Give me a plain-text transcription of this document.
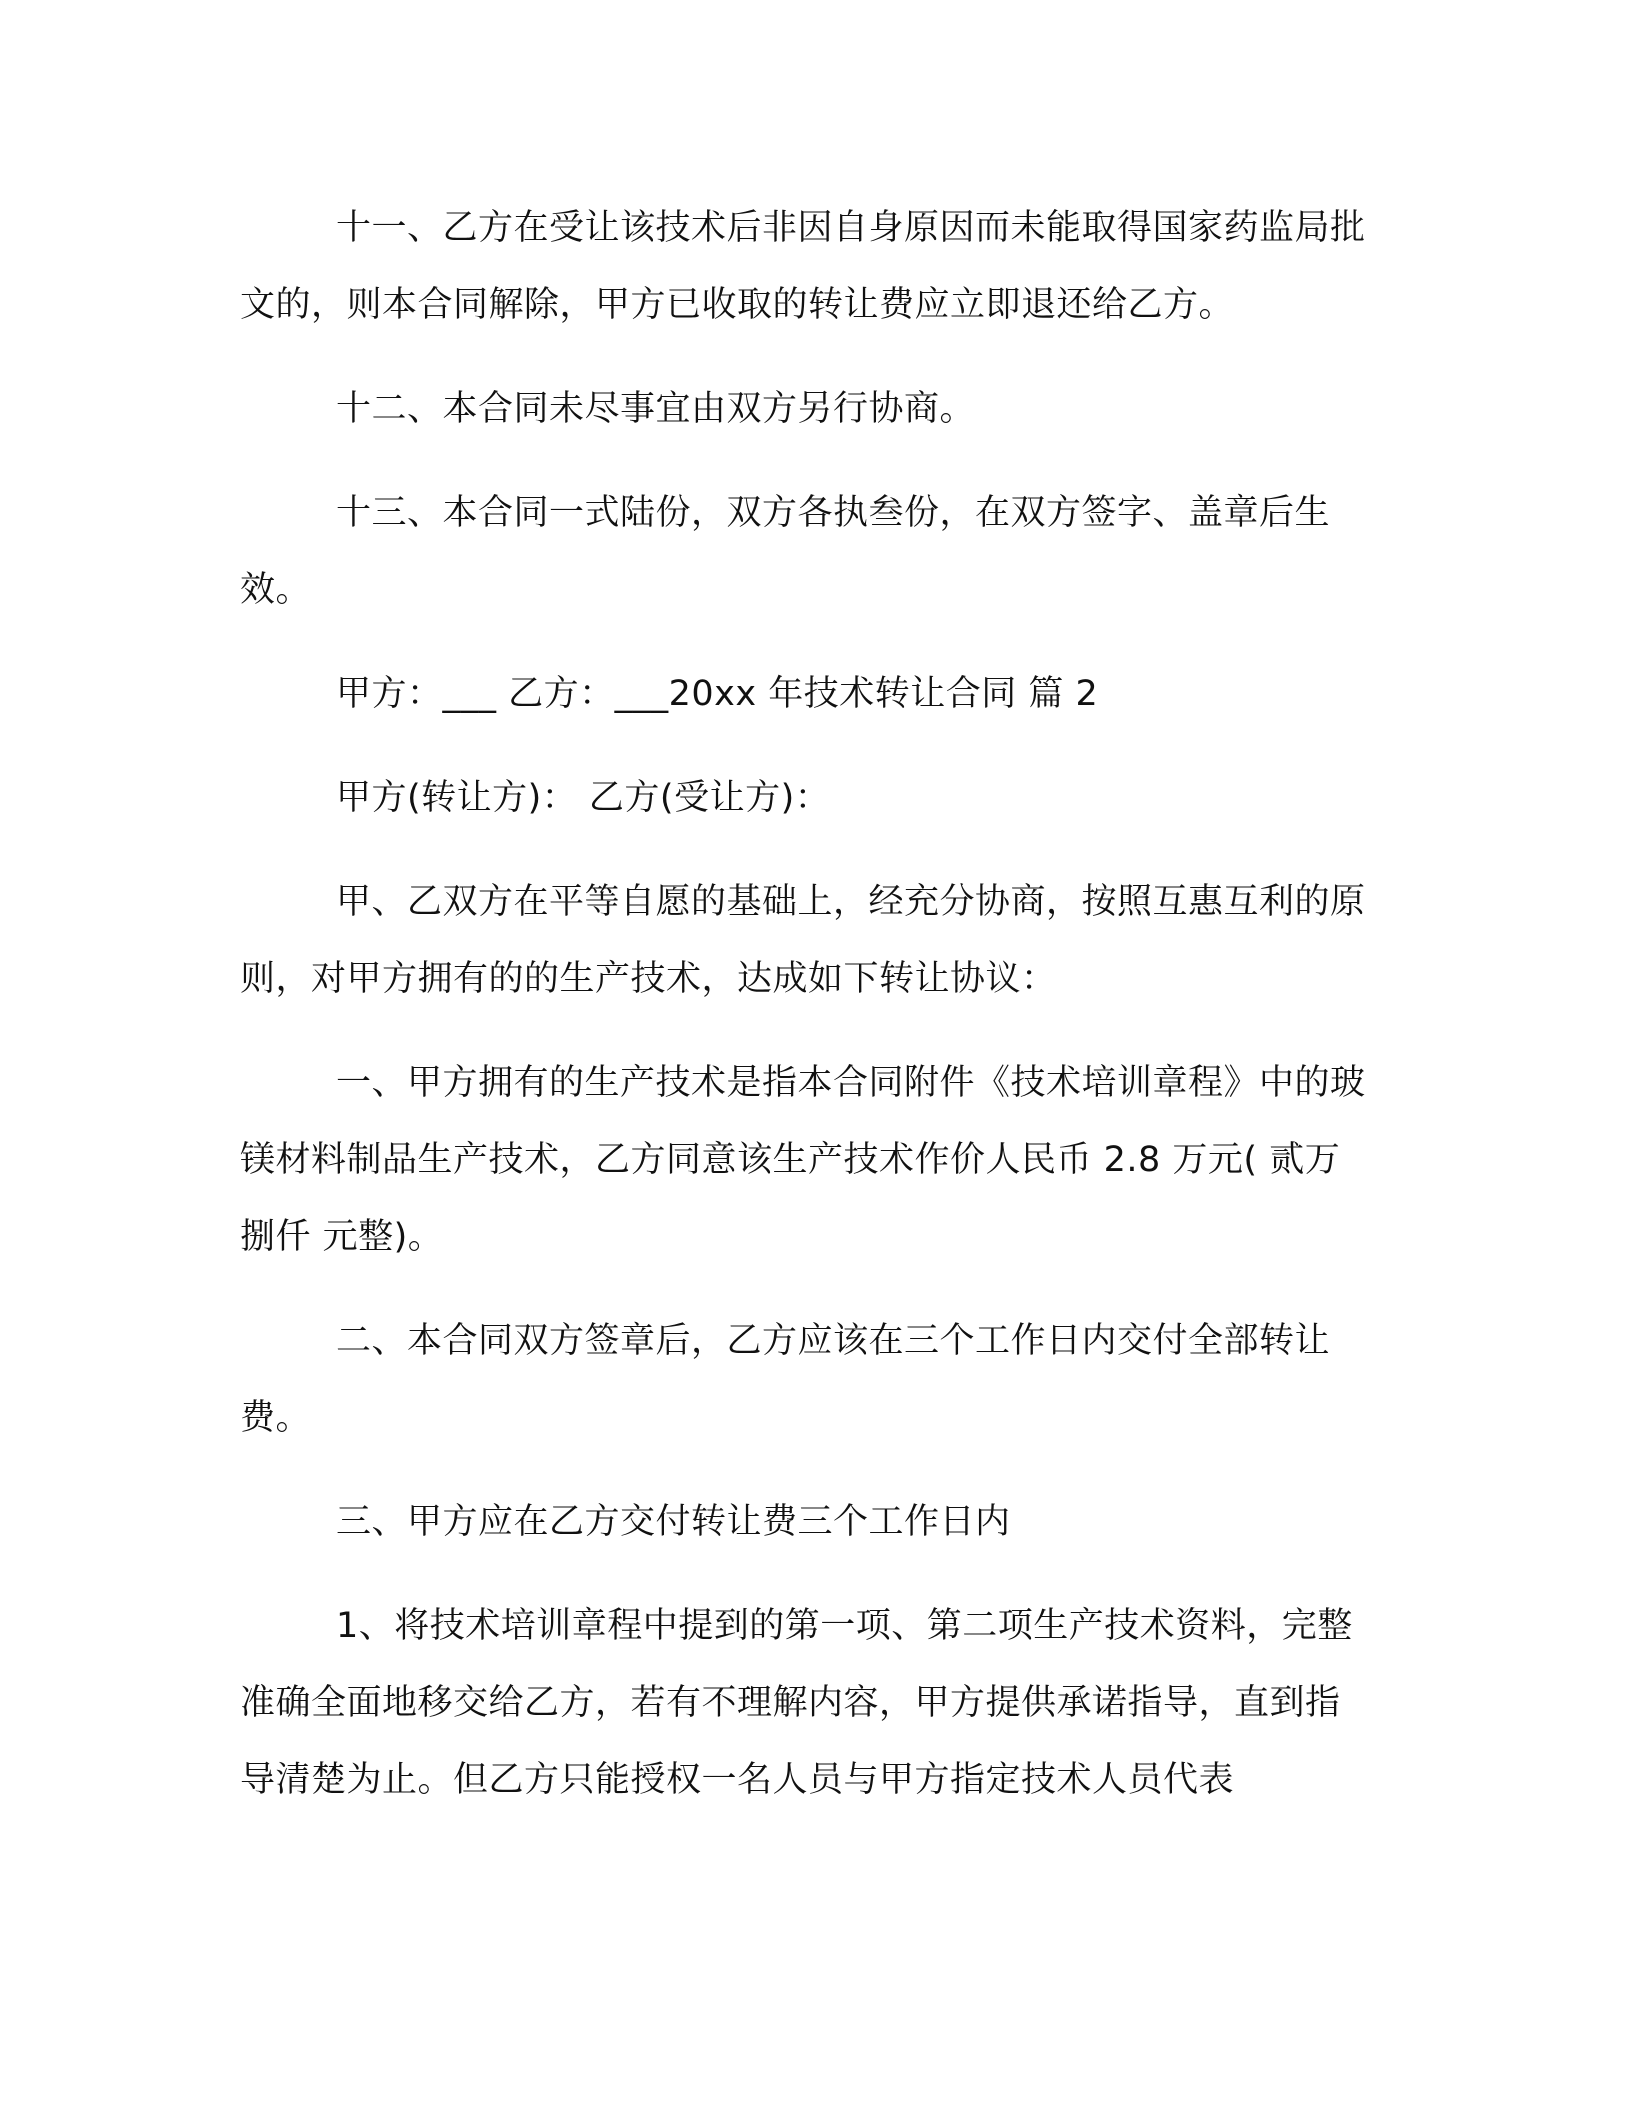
十一、乙方在受让该技术后非因自身原因而未能取得国家药监局批文的，则本合同解除，甲方已收取的转让费应立即退还给乙方。

十二、本合同未尽事宜由双方另行协商。

十三、本合同一式陆份，双方各执叁份，在双方签字、盖章后生效。

甲方：___ 乙方：___20xx 年技术转让合同 篇 2

甲方(转让方)： 乙方(受让方)：

甲、乙双方在平等自愿的基础上，经充分协商，按照互惠互利的原则，对甲方拥有的的生产技术，达成如下转让协议：

一、甲方拥有的生产技术是指本合同附件《技术培训章程》中的玻镁材料制品生产技术，乙方同意该生产技术作价人民币 2.8 万元( 贰万捌仟 元整)。

二、本合同双方签章后，乙方应该在三个工作日内交付全部转让费。

三、甲方应在乙方交付转让费三个工作日内

1、将技术培训章程中提到的第一项、第二项生产技术资料，完整准确全面地移交给乙方，若有不理解内容，甲方提供承诺指导，直到指导清楚为止。但乙方只能授权一名人员与甲方指定技术人员代表
